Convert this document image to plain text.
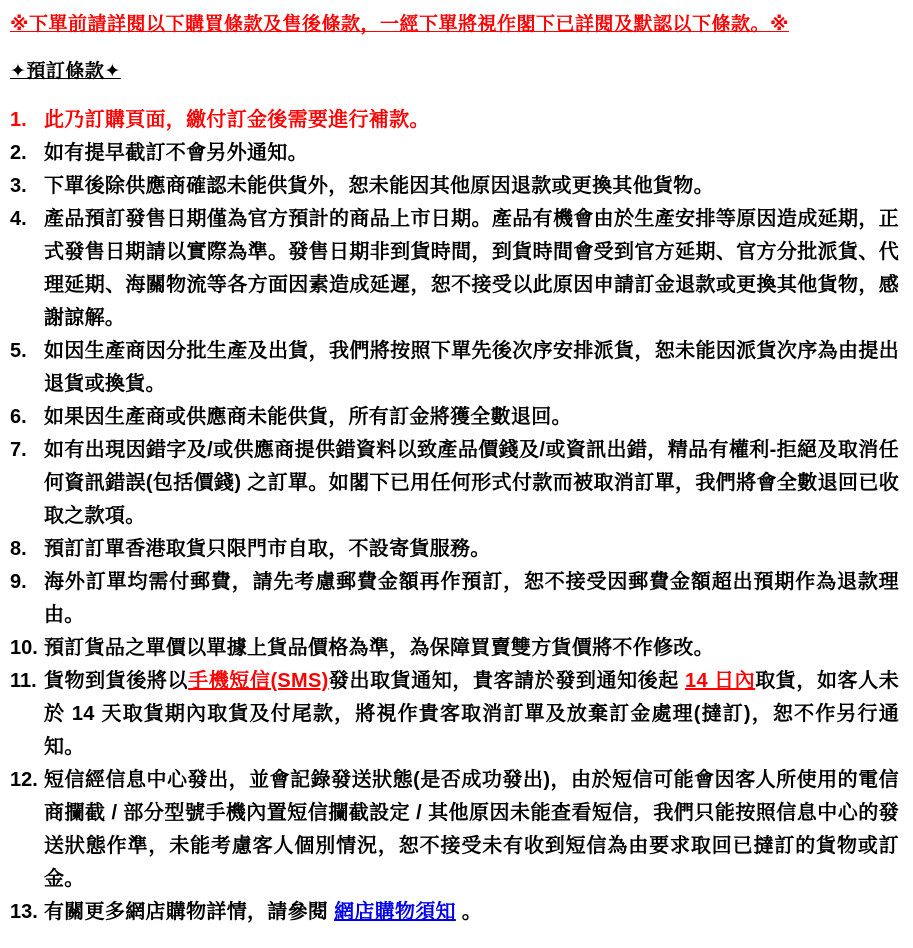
※下單前請詳閱以下購買條款及售後條款，一經下單將視作閣下已詳閱及默認以下條款。※
✦預訂條款✦
1. 此乃訂購頁面，繳付訂金後需要進行補款。
2. 如有提早截訂不會另外通知。
3. 下單後除供應商確認未能供貨外，恕未能因其他原因退款或更換其他貨物。
4. 產品預訂發售日期僅為官方預計的商品上市日期。產品有機會由於生產安排等原因造成延期，正式發售日期請以實際為準。發售日期非到貨時間，到貨時間會受到官方延期、官方分批派貨、代理延期、海關物流等各方面因素造成延遲，恕不接受以此原因申請訂金退款或更換其他貨物，感謝諒解。
5. 如因生產商因分批生產及出貨，我們將按照下單先後次序安排派貨，恕未能因派貨次序為由提出退貨或換貨。
6. 如果因生產商或供應商未能供貨，所有訂金將獲全數退回。
7. 如有出現因錯字及/或供應商提供錯資料以致產品價錢及/或資訊出錯，精品有權利-拒絕及取消任何資訊錯誤(包括價錢) 之訂單。如閣下已用任何形式付款而被取消訂單，我們將會全數退回已收取之款項。
8. 預訂訂單香港取貨只限門市自取，不設寄貨服務。
9. 海外訂單均需付郵費，請先考慮郵費金額再作預訂，恕不接受因郵費金額超出預期作為退款理由。
10. 預訂貨品之單價以單據上貨品價格為準，為保障買賣雙方貨價將不作修改。
11. 貨物到貨後將以手機短信(SMS)發出取貨通知，貴客請於發到通知後起 14 日內取貨，如客人未於 14 天取貨期內取貨及付尾款，將視作貴客取消訂單及放棄訂金處理(撻訂)，恕不作另行通知。
12. 短信經信息中心發出，並會記錄發送狀態(是否成功發出)，由於短信可能會因客人所使用的電信商攔截 / 部分型號手機內置短信攔截設定 / 其他原因未能查看短信，我們只能按照信息中心的發送狀態作準，未能考慮客人個別情況，恕不接受未有收到短信為由要求取回已撻訂的貨物或訂金。
13. 有關更多網店購物詳情，請參閱 網店購物須知 。
